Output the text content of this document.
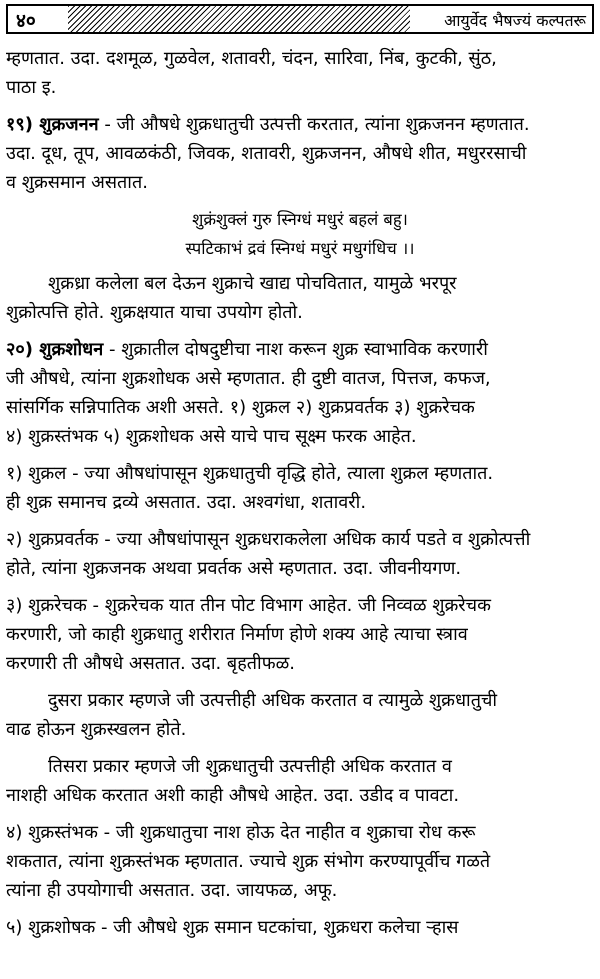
४०	आयुर्वेद भैषज्यं कल्पतरू
म्हणतात. उदा. दशमूळ, गुळवेल, शतावरी, चंदन, सारिवा, निंब, कुटकी, सुंठ,
पाठा इ.
१९) शुक्रजनन - जी औषधे शुक्रधातुची उत्पत्ती करतात, त्यांना शुक्रजनन म्हणतात.
उदा. दूध, तूप, आवळकंठी, जिवक, शतावरी, शुक्रजनन, औषधे शीत, मधुररसाची
व शुक्रसमान असतात.
शुक्रंशुक्लं गुरु स्निग्धं मधुरं बहलं बहु।
स्पटिकाभं द्रवं स्निग्धं मधुरं मधुगंधिच ।।
शुक्रध्रा कलेला बल देऊन शुक्राचे खाद्य पोचवितात, यामुळे भरपूर
शुक्रोत्पत्ति होते. शुक्रक्षयात याचा उपयोग होतो.
२०) शुक्रशोधन - शुक्रातील दोषदुष्टीचा नाश करून शुक्र स्वाभाविक करणारी
जी औषधे, त्यांना शुक्रशोधक असे म्हणतात. ही दुष्टी वातज, पित्तज, कफज,
सांसर्गिक सन्निपातिक अशी असते. १) शुक्रल २) शुक्रप्रवर्तक ३) शुक्ररेचक
४) शुक्रस्तंभक ५) शुक्रशोधक असे याचे पाच सूक्ष्म फरक आहेत.
१) शुक्रल - ज्या औषधांपासून शुक्रधातुची वृद्धि होते, त्याला शुक्रल म्हणतात.
ही शुक्र समानच द्रव्ये असतात. उदा. अश्वगंधा, शतावरी.
२) शुक्रप्रवर्तक - ज्या औषधांपासून शुक्रधराकलेला अधिक कार्य पडते व शुक्रोत्पत्ती
होते, त्यांना शुक्रजनक अथवा प्रवर्तक असे म्हणतात. उदा. जीवनीयगण.
३) शुक्ररेचक - शुक्ररेचक यात तीन पोट विभाग आहेत. जी निव्वळ शुक्ररेचक
करणारी, जो काही शुक्रधातु शरीरात निर्माण होणे शक्य आहे त्याचा स्त्राव
करणारी ती औषधे असतात. उदा. बृहतीफळ.
दुसरा प्रकार म्हणजे जी उत्पत्तीही अधिक करतात व त्यामुळे शुक्रधातुची
वाढ होऊन शुक्रस्खलन होते.
तिसरा प्रकार म्हणजे जी शुक्रधातुची उत्पत्तीही अधिक करतात व
नाशही अधिक करतात अशी काही औषधे आहेत. उदा. उडीद व पावटा.
४) शुक्रस्तंभक - जी शुक्रधातुचा नाश होऊ देत नाहीत व शुक्राचा रोध करू
शकतात, त्यांना शुक्रस्तंभक म्हणतात. ज्याचे शुक्र संभोग करण्यापूर्वीच गळते
त्यांना ही उपयोगाची असतात. उदा. जायफळ, अफू.
५) शुक्रशोषक - जी औषधे शुक्र समान घटकांचा, शुक्रधरा कलेचा ऱ्हास
